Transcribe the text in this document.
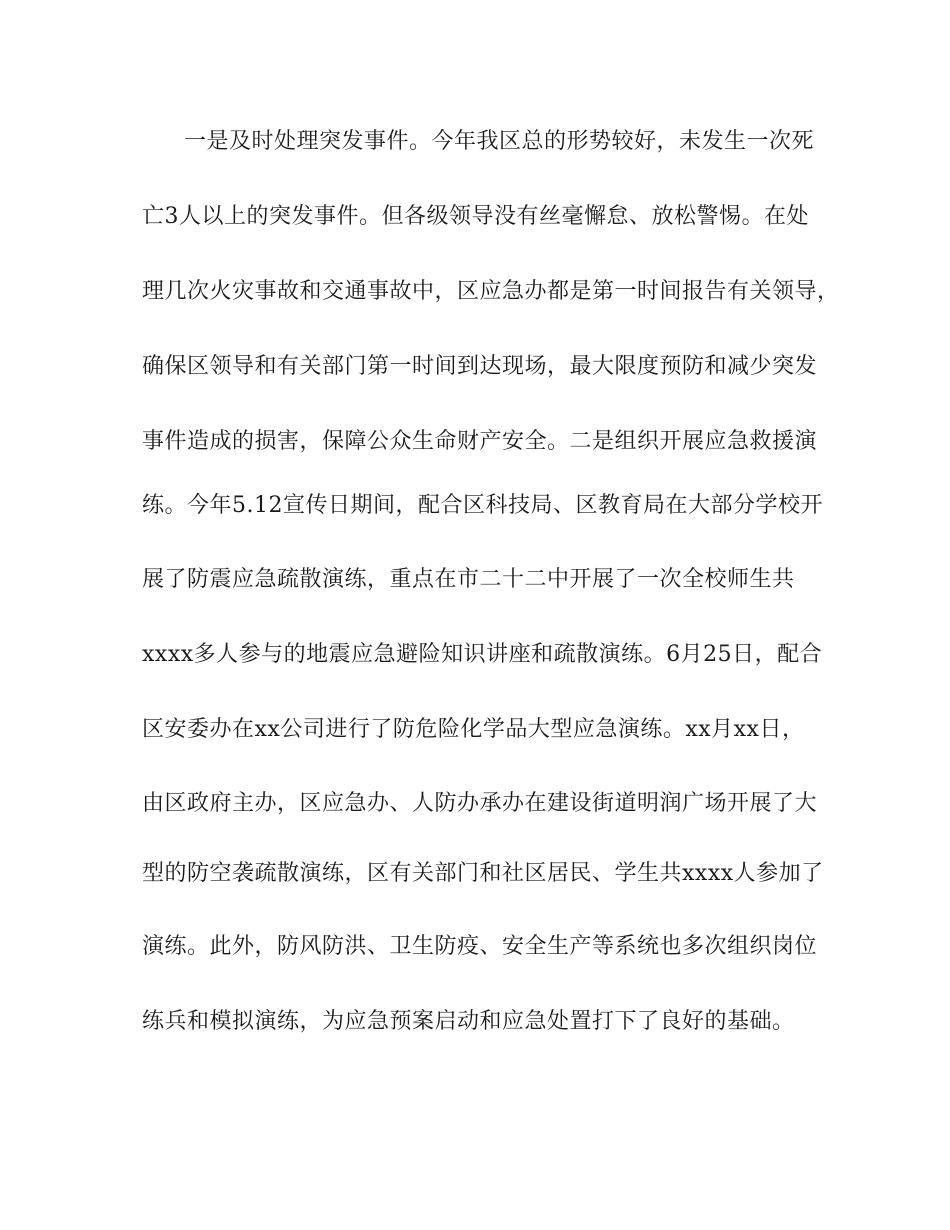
一是及时处理突发事件。今年我区总的形势较好，未发生一次死
亡3人以上的突发事件。但各级领导没有丝毫懈怠、放松警惕。在处
理几次火灾事故和交通事故中，区应急办都是第一时间报告有关领导，
确保区领导和有关部门第一时间到达现场，最大限度预防和减少突发
事件造成的损害，保障公众生命财产安全。二是组织开展应急救援演
练。今年5.12宣传日期间，配合区科技局、区教育局在大部分学校开
展了防震应急疏散演练，重点在市二十二中开展了一次全校师生共
xxxx多人参与的地震应急避险知识讲座和疏散演练。6月25日，配合
区安委办在xx公司进行了防危险化学品大型应急演练。xx月xx日，
由区政府主办，区应急办、人防办承办在建设街道明润广场开展了大
型的防空袭疏散演练，区有关部门和社区居民、学生共xxxx人参加了
演练。此外，防风防洪、卫生防疫、安全生产等系统也多次组织岗位
练兵和模拟演练，为应急预案启动和应急处置打下了良好的基础。
